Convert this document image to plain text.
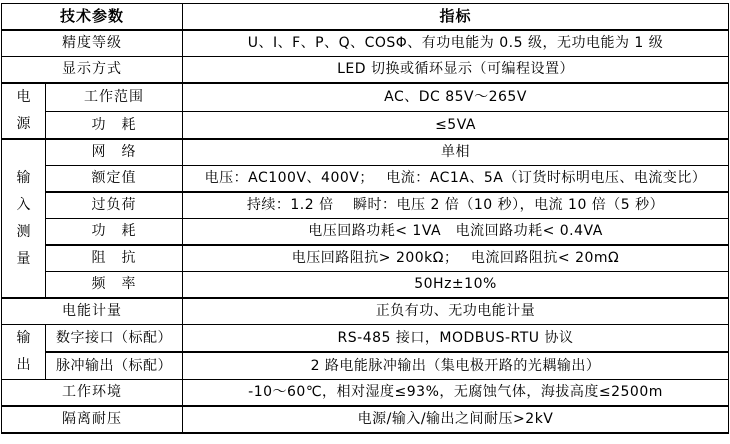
技术参数		指标
精度等级		U、I、F、P、Q、COSΦ、有功电能为 0.5 级，无功电能为 1 级
显示方式		LED 切换或循环显示（可编程设置）
电源	工作范围	AC、DC 85V～265V
	功　耗	≤5VA
输入测量	网　络	单相
	额定值	电压：AC100V、400V；　 电流：AC1A、5A（订货时标明电压、电流变比）
	过负荷	持续：1.2 倍　 瞬时：电压 2 倍（10 秒），电流 10 倍（5 秒）
	功　耗	电压回路功耗< 1VA　电流回路功耗< 0.4VA
	阻　抗	电压回路阻抗> 200kΩ；　 电流回路阻抗< 20mΩ
	频　率	50Hz±10%
电能计量		正负有功、无功电能计量
输出	数字接口（标配）	RS-485 接口，MODBUS-RTU 协议
	脉冲输出（标配）	2 路电能脉冲输出（集电极开路的光耦输出）
工作环境		-10～60℃，相对湿度≤93%，无腐蚀气体，海拔高度≤2500m
隔离耐压		电源/输入/输出之间耐压>2kV
